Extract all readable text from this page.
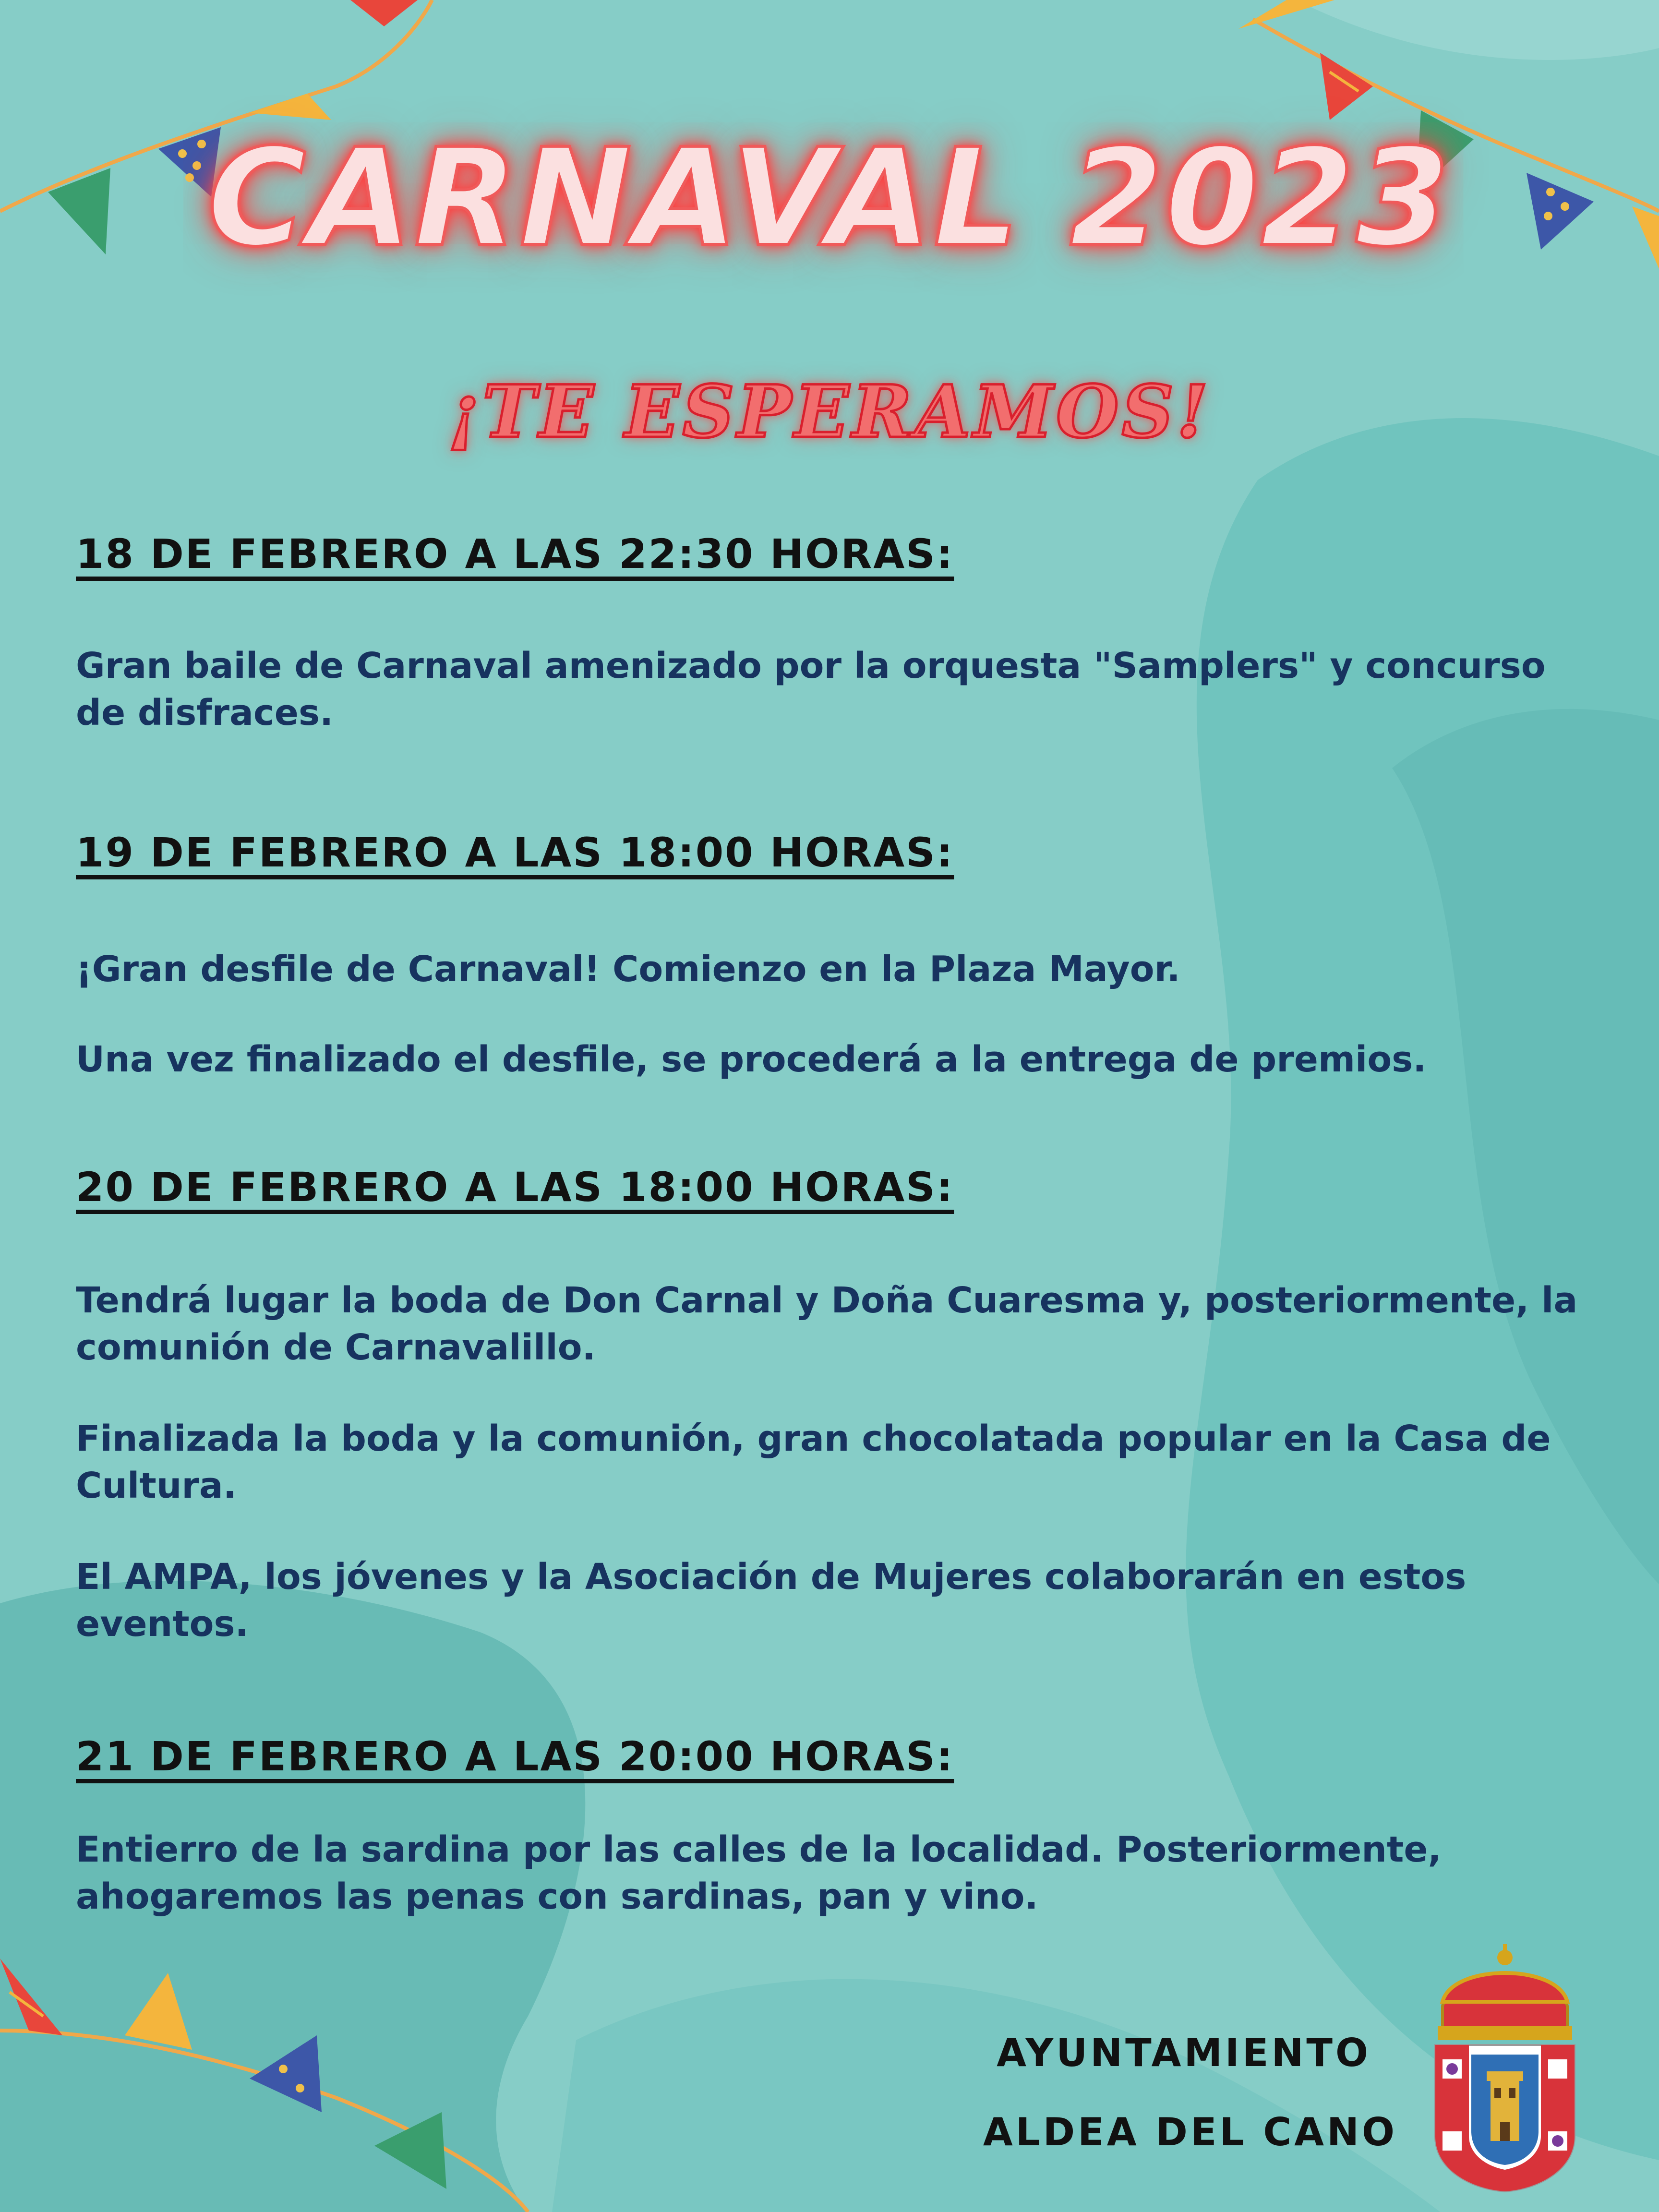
CARNAVAL 2023
¡TE ESPERAMOS!
18 DE FEBRERO A LAS 22:30 HORAS:

Gran baile de Carnaval amenizado por la orquesta "Samplers" y concurso de disfraces.

19 DE FEBRERO A LAS 18:00 HORAS:

¡Gran desfile de Carnaval! Comienzo en la Plaza Mayor.

Una vez finalizado el desfile, se procederá a la entrega de premios.

20 DE FEBRERO A LAS 18:00 HORAS:

Tendrá lugar la boda de Don Carnal y Doña Cuaresma y, posteriormente, la comunión de Carnavalillo.

Finalizada la boda y la comunión, gran chocolatada popular en la Casa de Cultura.

El AMPA, los jóvenes y la Asociación de Mujeres colaborarán en estos eventos.

21 DE FEBRERO A LAS 20:00 HORAS:

Entierro de la sardina por las calles de la localidad. Posteriormente, ahogaremos las penas con sardinas, pan y vino.

AYUNTAMIENTO
ALDEA DEL CANO
